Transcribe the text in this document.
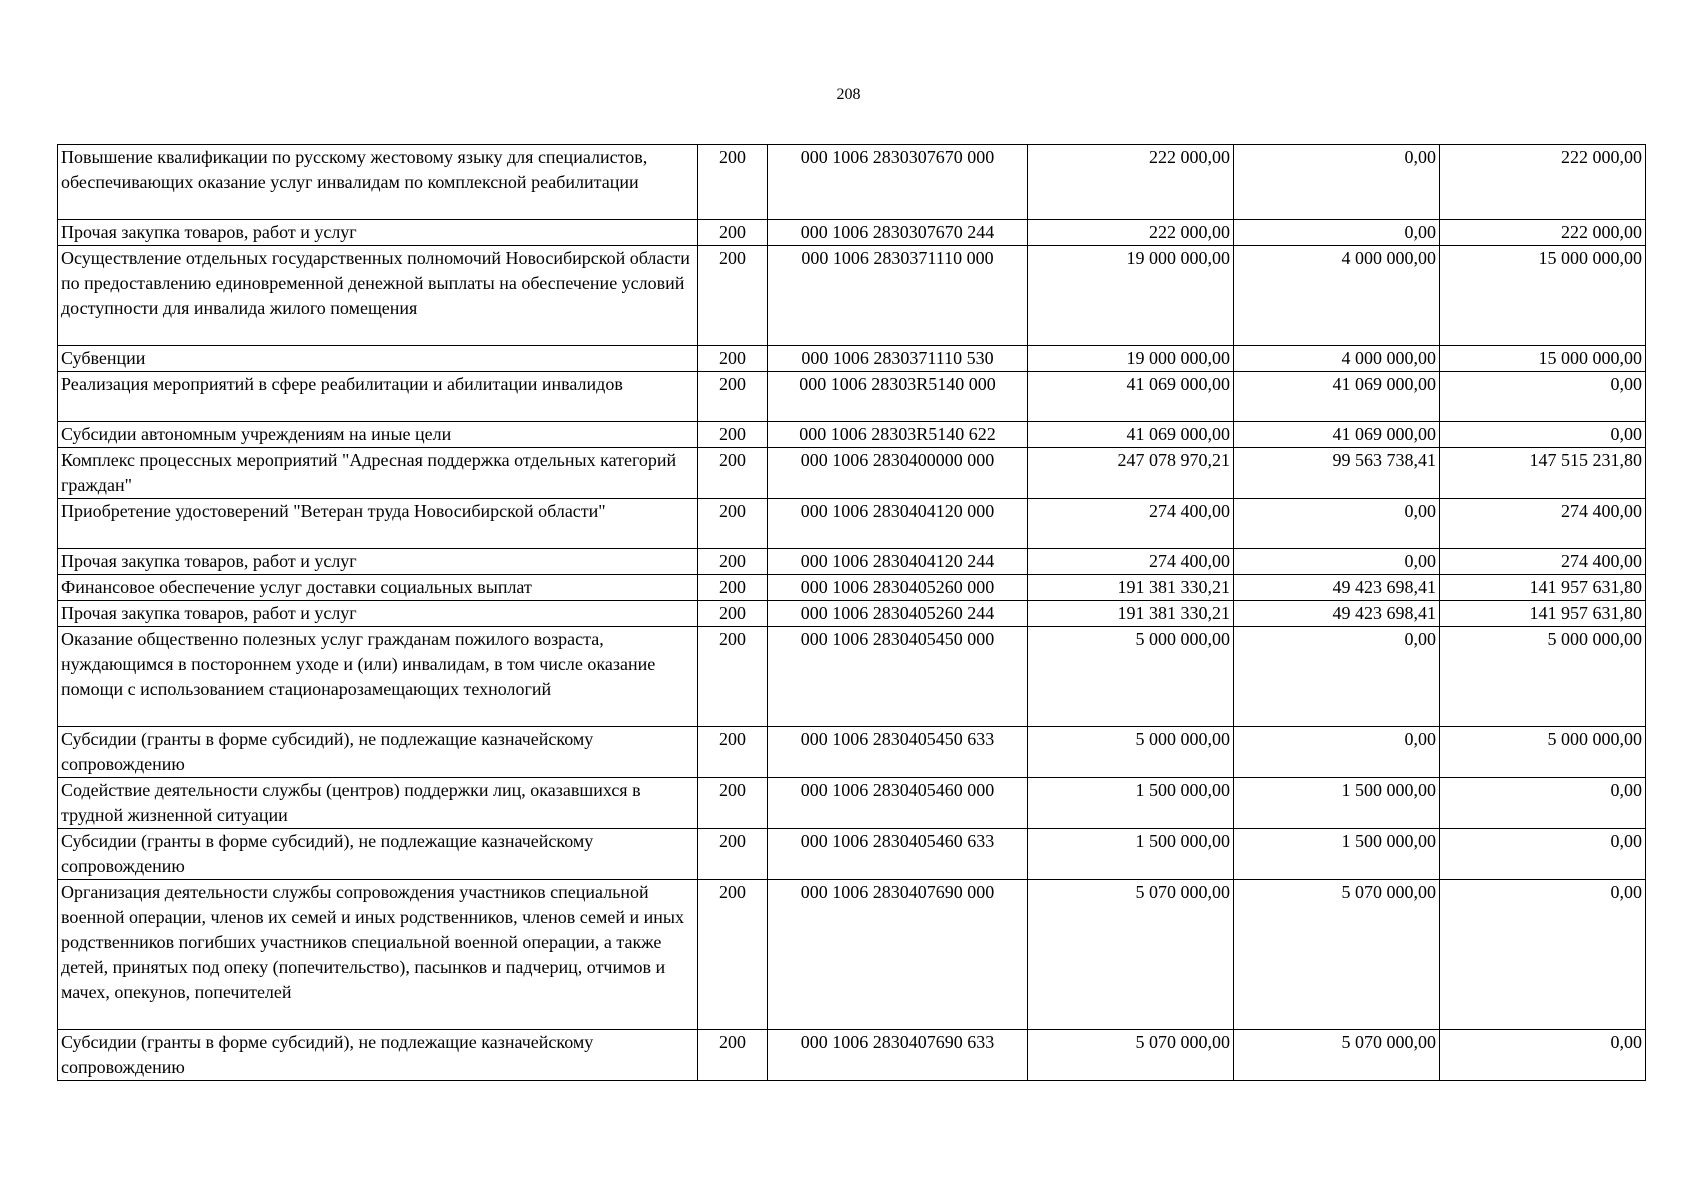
208
Повышение квалификации по русскому жестовому языку для специалистов, обеспечивающих оказание услуг инвалидам по комплексной реабилитации	200	000 1006 2830307670 000	222 000,00	0,00	222 000,00
Прочая закупка товаров, работ и услуг	200	000 1006 2830307670 244	222 000,00	0,00	222 000,00
Осуществление отдельных государственных полномочий Новосибирской области по предоставлению единовременной денежной выплаты на обеспечение условий доступности для инвалида жилого помещения	200	000 1006 2830371110 000	19 000 000,00	4 000 000,00	15 000 000,00
Субвенции	200	000 1006 2830371110 530	19 000 000,00	4 000 000,00	15 000 000,00
Реализация мероприятий в сфере реабилитации и абилитации инвалидов	200	000 1006 28303R5140 000	41 069 000,00	41 069 000,00	0,00
Субсидии автономным учреждениям на иные цели	200	000 1006 28303R5140 622	41 069 000,00	41 069 000,00	0,00
Комплекс процессных мероприятий "Адресная поддержка отдельных категорий граждан"	200	000 1006 2830400000 000	247 078 970,21	99 563 738,41	147 515 231,80
Приобретение удостоверений "Ветеран труда Новосибирской области"	200	000 1006 2830404120 000	274 400,00	0,00	274 400,00
Прочая закупка товаров, работ и услуг	200	000 1006 2830404120 244	274 400,00	0,00	274 400,00
Финансовое обеспечение услуг доставки социальных выплат	200	000 1006 2830405260 000	191 381 330,21	49 423 698,41	141 957 631,80
Прочая закупка товаров, работ и услуг	200	000 1006 2830405260 244	191 381 330,21	49 423 698,41	141 957 631,80
Оказание общественно полезных услуг гражданам пожилого возраста, нуждающимся в постороннем уходе и (или) инвалидам, в том числе оказание помощи с использованием стационарозамещающих технологий	200	000 1006 2830405450 000	5 000 000,00	0,00	5 000 000,00
Субсидии (гранты в форме субсидий), не подлежащие казначейскому сопровождению	200	000 1006 2830405450 633	5 000 000,00	0,00	5 000 000,00
Содействие деятельности службы (центров) поддержки лиц, оказавшихся в трудной жизненной ситуации	200	000 1006 2830405460 000	1 500 000,00	1 500 000,00	0,00
Субсидии (гранты в форме субсидий), не подлежащие казначейскому сопровождению	200	000 1006 2830405460 633	1 500 000,00	1 500 000,00	0,00
Организация деятельности службы сопровождения участников специальной военной операции, членов их семей и иных родственников, членов семей и иных родственников погибших участников специальной военной операции, а также детей, принятых под опеку (попечительство), пасынков и падчериц, отчимов и мачех, опекунов, попечителей	200	000 1006 2830407690 000	5 070 000,00	5 070 000,00	0,00
Субсидии (гранты в форме субсидий), не подлежащие казначейскому сопровождению	200	000 1006 2830407690 633	5 070 000,00	5 070 000,00	0,00
